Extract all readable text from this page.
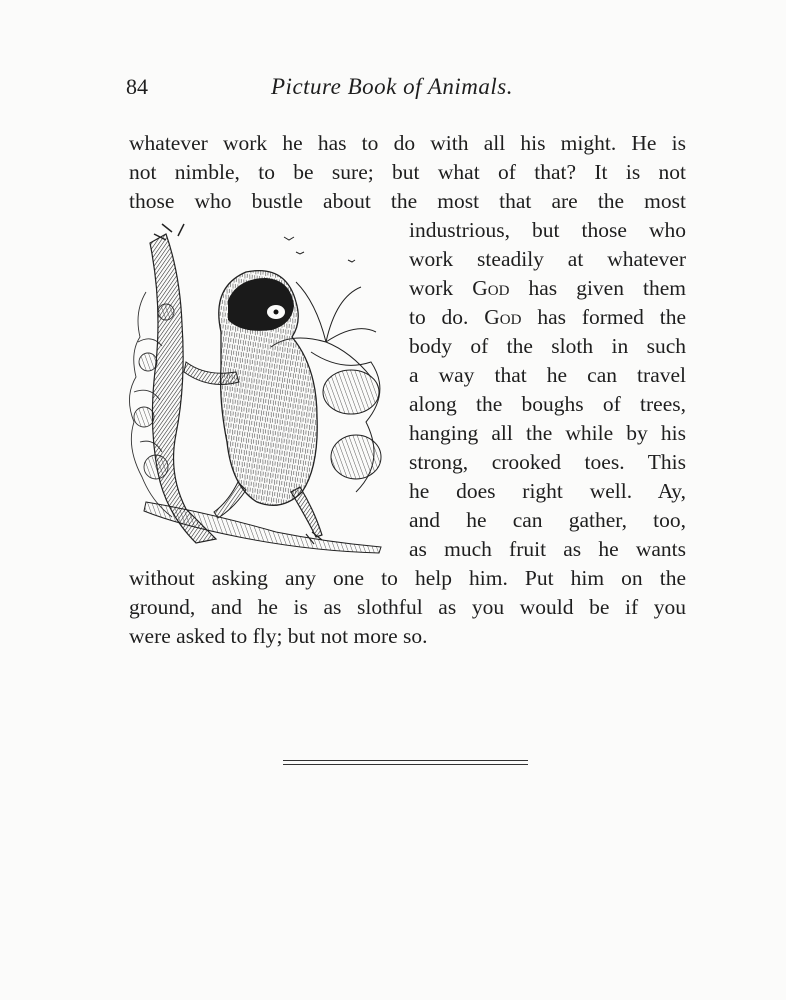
84	Picture Book of Animals.
whatever work he has to do with all his might. He is
not nimble, to be sure; but what of that? It is not
those who bustle about the most that are the most
industrious, but those who
work steadily at whatever
work God has given them
to do. God has formed the
body of the sloth in such
a way that he can travel
along the boughs of trees,
hanging all the while by his
strong, crooked toes. This
he does right well. Ay,
and he can gather, too,
as much fruit as he wants
without asking any one to help him. Put him on the
ground, and he is as slothful as you would be if you
were asked to fly; but not more so.
